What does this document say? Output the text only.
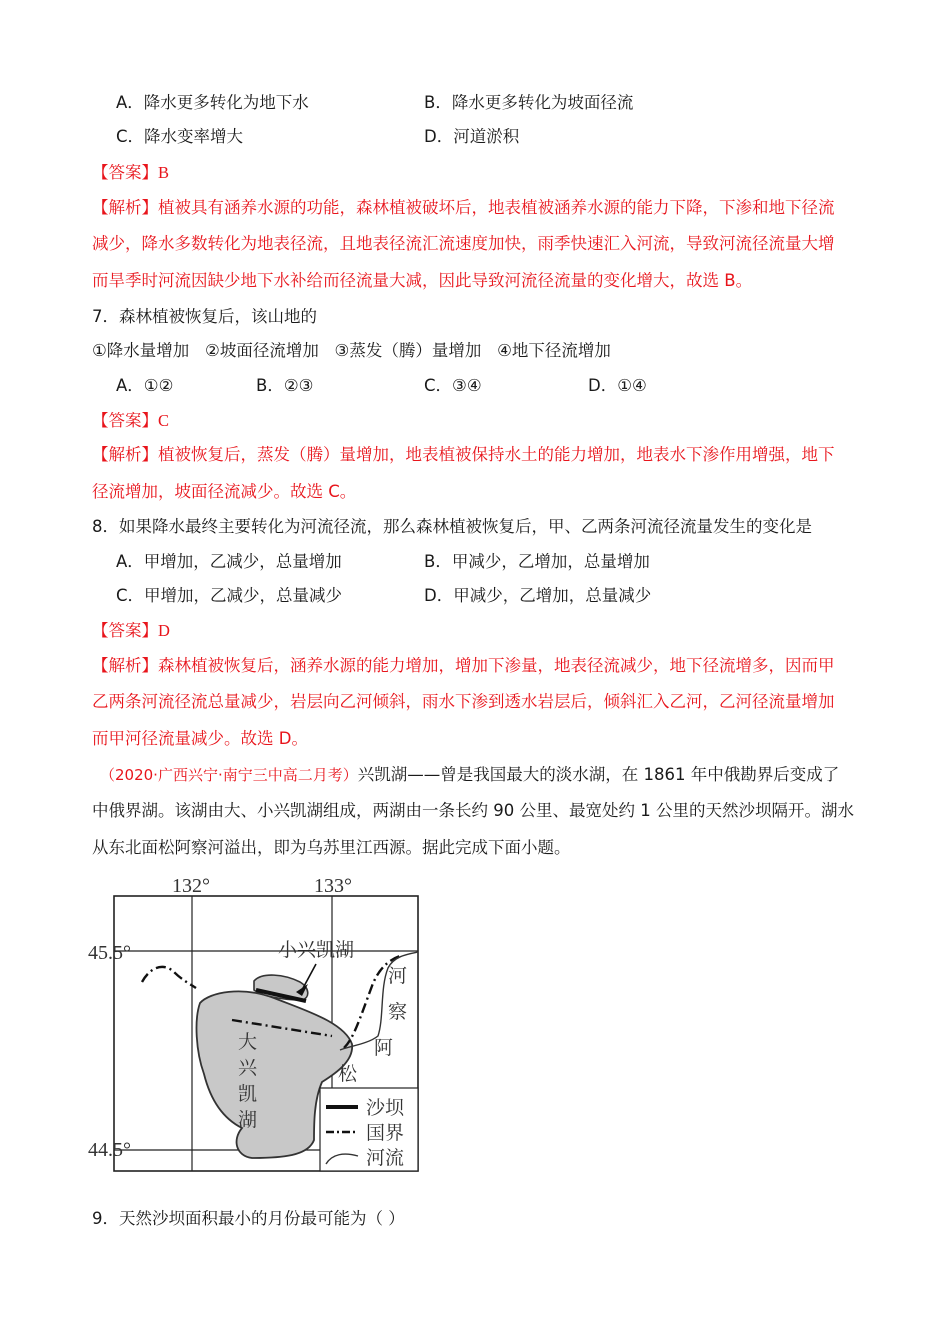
A．降水更多转化为地下水	B．降水更多转化为坡面径流
C．降水变率增大	D．河道淤积
【答案】B
【解析】植被具有涵养水源的功能，森林植被破坏后，地表植被涵养水源的能力下降，下渗和地下径流
减少，降水多数转化为地表径流，且地表径流汇流速度加快，雨季快速汇入河流，导致河流径流量大增
而旱季时河流因缺少地下水补给而径流量大减，因此导致河流径流量的变化增大，故选 B。
7．森林植被恢复后，该山地的
①降水量增加   ②坡面径流增加   ③蒸发（腾）量增加   ④地下径流增加
A．①②	B．②③	C．③④	D．①④
【答案】C
【解析】植被恢复后，蒸发（腾）量增加，地表植被保持水土的能力增加，地表水下渗作用增强，地下
径流增加，坡面径流减少。故选 C。
8．如果降水最终主要转化为河流径流，那么森林植被恢复后，甲、乙两条河流径流量发生的变化是
A．甲增加，乙减少，总量增加	B．甲减少，乙增加，总量增加
C．甲增加，乙减少，总量减少	D．甲减少，乙增加，总量减少
【答案】D
【解析】森林植被恢复后，涵养水源的能力增加，增加下渗量，地表径流减少，地下径流增多，因而甲
乙两条河流径流总量减少，岩层向乙河倾斜，雨水下渗到透水岩层后，倾斜汇入乙河，乙河径流量增加
而甲河径流量减少。故选 D。
（2020·广西兴宁·南宁三中高二月考）兴凯湖——曾是我国最大的淡水湖，在 1861 年中俄勘界后变成了
中俄界湖。该湖由大、小兴凯湖组成，两湖由一条长约 90 公里、最宽处约 1 公里的天然沙坝隔开。湖水
从东北面松阿察河溢出，即为乌苏里江西源。据此完成下面小题。
132°	133°
45.5°
44.5°
小兴凯湖
大
兴
凯
湖
河
察
阿
松
沙坝
国界
河流
9．天然沙坝面积最小的月份最可能为（ ）
